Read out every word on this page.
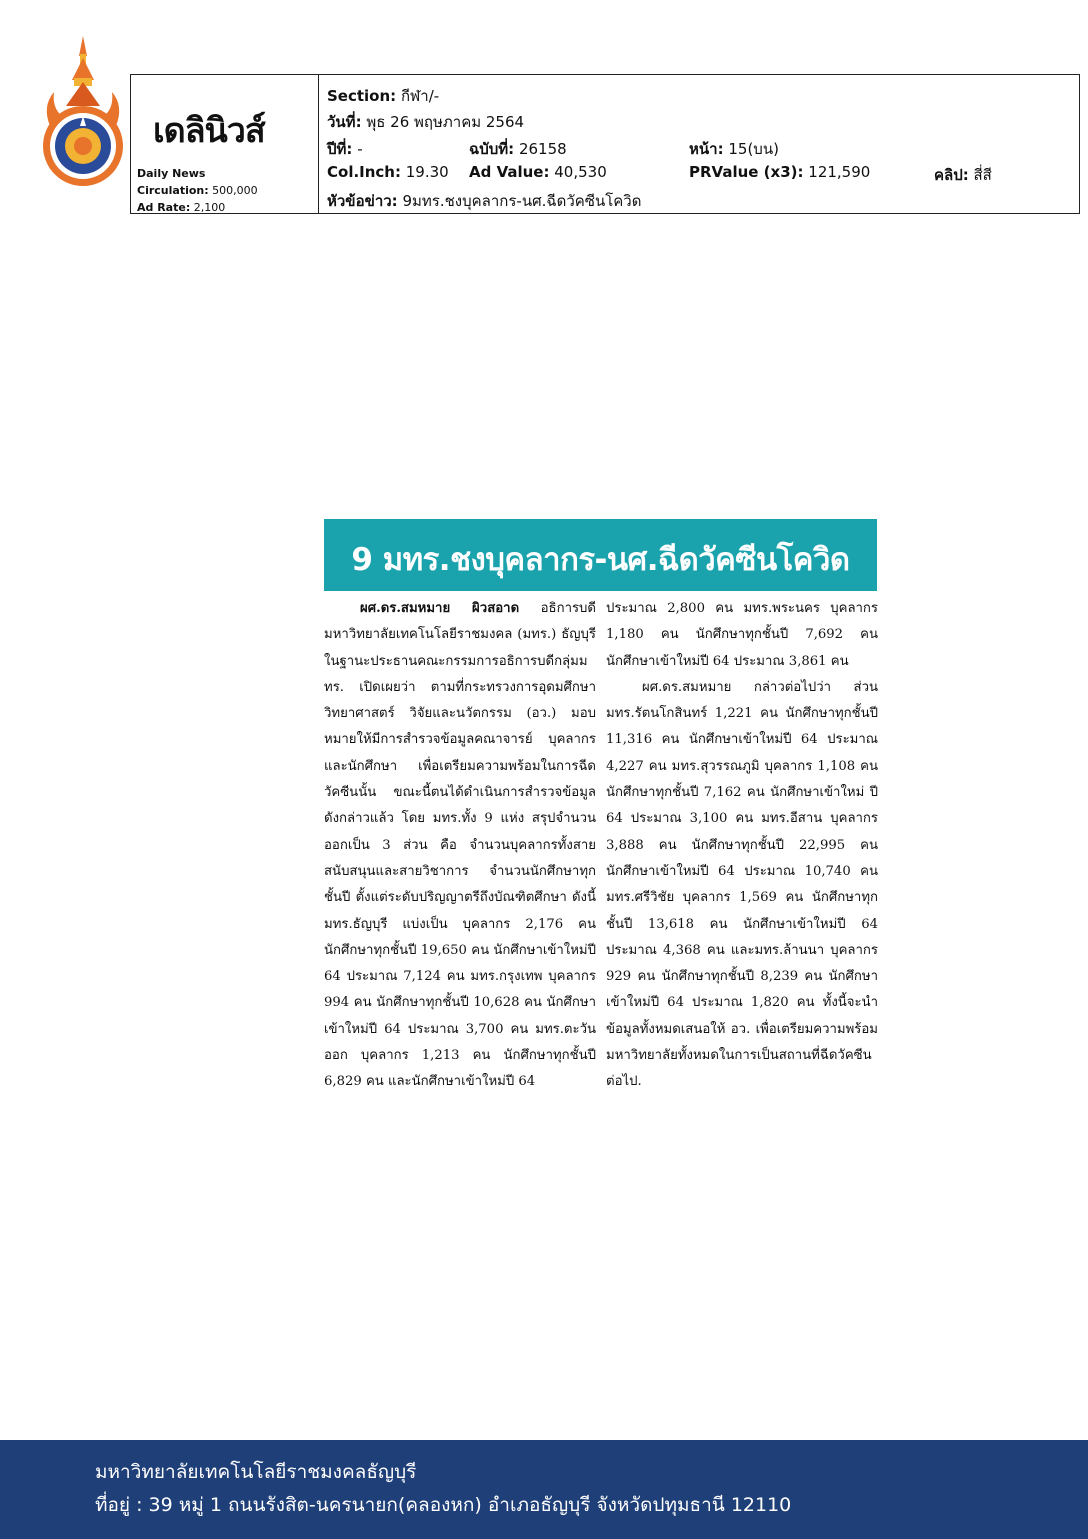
เดลินิวส์
Daily News
Circulation: 500,000
Ad Rate: 2,100
Section: กีฬา/-
วันที่: พุธ 26 พฤษภาคม 2564
ปีที่: -	ฉบับที่: 26158	หน้า: 15(บน)
Col.Inch: 19.30 Ad Value: 40,530	PRValue (x3): 121,590	คลิป: สี่สี
หัวข้อข่าว: 9มทร.ชงบุคลากร-นศ.ฉีดวัคซีนโควิด
9 มทร.ชงบุคลากร-นศ.ฉีดวัคซีนโควิด

ผศ.ดร.สมหมาย ผิวสอาด อธิการบดีมหาวิทยาลัยเทคโนโลยีราชมงคล (มทร.) ธัญบุรี ในฐานะประธานคณะกรรมการอธิการบดีกลุ่มมทร. เปิดเผยว่า ตามที่กระทรวงการอุดมศึกษา วิทยาศาสตร์ วิจัยและนวัตกรรม (อว.) มอบหมายให้มีการสำรวจข้อมูลคณาจารย์ บุคลากรและนักศึกษา เพื่อเตรียมความพร้อมในการฉีดวัคซีนนั้น ขณะนี้ตนได้ดำเนินการสำรวจข้อมูลดังกล่าวแล้ว โดย มทร.ทั้ง 9 แห่ง สรุปจำนวนออกเป็น 3 ส่วน คือ จำนวนบุคลากรทั้งสายสนับสนุนและสายวิชาการ จำนวนนักศึกษาทุกชั้นปี ตั้งแต่ระดับปริญญาตรีถึงบัณฑิตศึกษา ดังนี้ มทร.ธัญบุรี แบ่งเป็น บุคลากร 2,176 คน นักศึกษาทุกชั้นปี 19,650 คน นักศึกษาเข้าใหม่ปี 64 ประมาณ 7,124 คน มทร.กรุงเทพ บุคลากร 994 คน นักศึกษาทุกชั้นปี 10,628 คน นักศึกษาเข้าใหม่ปี 64 ประมาณ 3,700 คน มทร.ตะวันออก บุคลากร 1,213 คน นักศึกษาทุกชั้นปี 6,829 คน และนักศึกษาเข้าใหม่ปี 64

ประมาณ 2,800 คน มทร.พระนคร บุคลากร 1,180 คน นักศึกษาทุกชั้นปี 7,692 คน นักศึกษาเข้าใหม่ปี 64 ประมาณ 3,861 คน

ผศ.ดร.สมหมาย กล่าวต่อไปว่า ส่วน มทร.รัตนโกสินทร์ 1,221 คน นักศึกษาทุกชั้นปี 11,316 คน นักศึกษาเข้าใหม่ปี 64 ประมาณ 4,227 คน มทร.สุวรรณภูมิ บุคลากร 1,108 คน นักศึกษาทุกชั้นปี 7,162 คน นักศึกษาเข้าใหม่ ปี 64 ประมาณ 3,100 คน มทร.อีสาน บุคลากร 3,888 คน นักศึกษาทุกชั้นปี 22,995 คน นักศึกษาเข้าใหม่ปี 64 ประมาณ 10,740 คน มทร.ศรีวิชัย บุคลากร 1,569 คน นักศึกษาทุกชั้นปี 13,618 คน นักศึกษาเข้าใหม่ปี 64 ประมาณ 4,368 คน และมทร.ล้านนา บุคลากร 929 คน นักศึกษาทุกชั้นปี 8,239 คน นักศึกษาเข้าใหม่ปี 64 ประมาณ 1,820 คน ทั้งนี้จะนำข้อมูลทั้งหมดเสนอให้ อว. เพื่อเตรียมความพร้อมมหาวิทยาลัยทั้งหมดในการเป็นสถานที่ฉีดวัคซีนต่อไป.

มหาวิทยาลัยเทคโนโลยีราชมงคลธัญบุรี
ที่อยู่ : 39 หมู่ 1 ถนนรังสิต-นครนายก(คลองหก) อำเภอธัญบุรี จังหวัดปทุมธานี 12110
